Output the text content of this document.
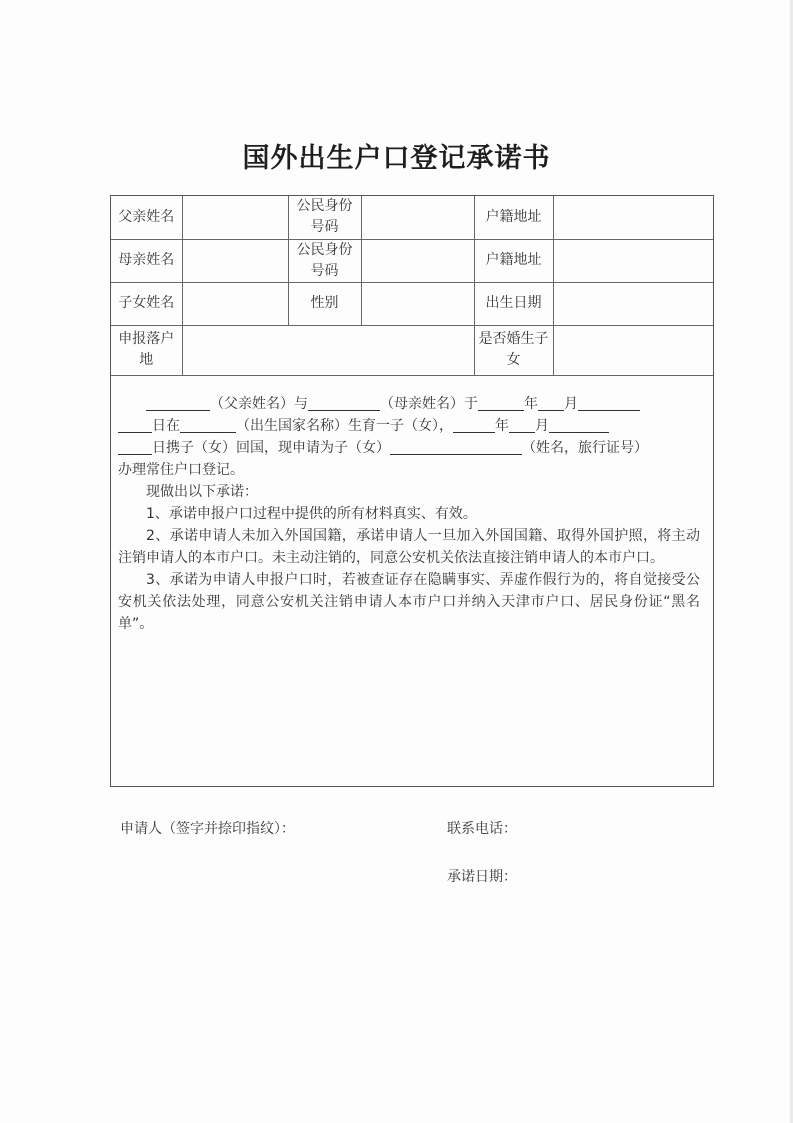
国外出生户口登记承诺书
父亲姓名		公民身份号码		户籍地址	
母亲姓名		公民身份号码		户籍地址	
子女姓名		性别		出生日期	
申报落户地				是否婚生子女	

（父亲姓名）与	（母亲姓名）于	年 月
日在	（出生国家名称）生育一子（女），	年 月
日携子（女）回国，现申请为子（女）	（姓名，旅行证号）
办理常住户口登记。

现做出以下承诺：

1、承诺申报户口过程中提供的所有材料真实、有效。

2、承诺申请人未加入外国国籍，承诺申请人一旦加入外国国籍、取得外国护照，将主动注销申请人的本市户口。未主动注销的，同意公安机关依法直接注销申请人的本市户口。

3、承诺为申请人申报户口时，若被查证存在隐瞒事实、弄虚作假行为的，将自觉接受公安机关依法处理，同意公安机关注销申请人本市户口并纳入天津市户口、居民身份证“黑名单”。

申请人（签字并捺印指纹）：	联系电话：
承诺日期：
